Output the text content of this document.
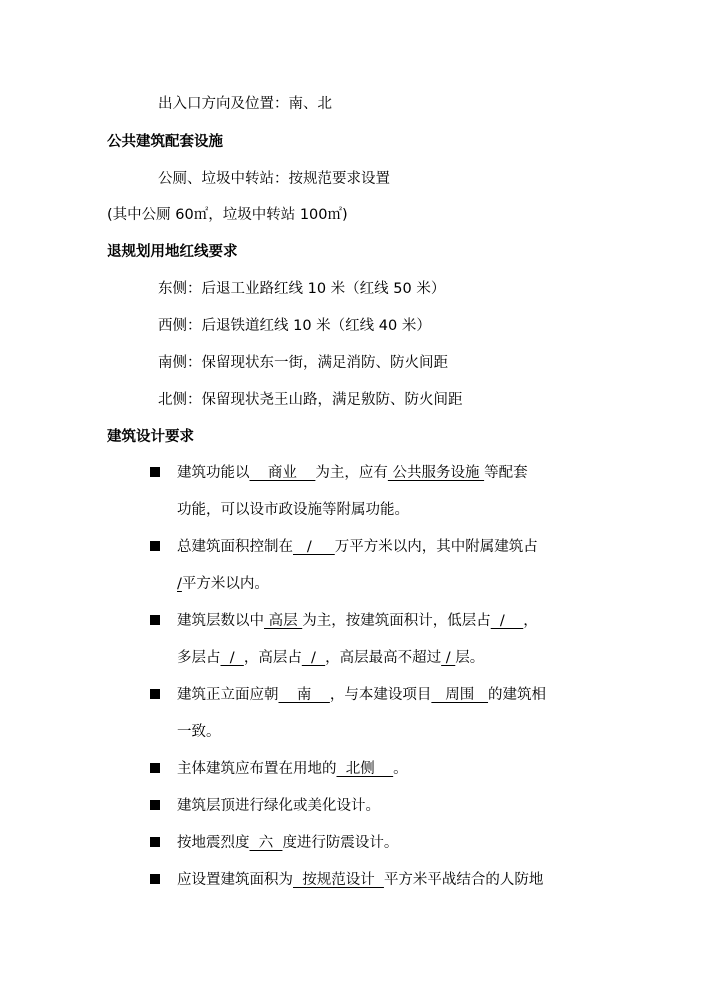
出入口方向及位置：南、北
公共建筑配套设施
公厕、垃圾中转站：按规范要求设置
(其中公厕 60㎡，垃圾中转站 100㎡)
退规划用地红线要求
东侧：后退工业路红线 10 米（红线 50 米）
西侧：后退铁道红线 10 米（红线 40 米）
南侧：保留现状东一街，满足消防、防火间距
北侧：保留现状尧王山路，满足敫防、防火间距
建筑设计要求
建筑功能以    商业    为主，应有 公共服务设施 等配套
功能，可以设市政设施等附属功能。
总建筑面积控制在   /     万平方米以内，其中附属建筑占
/平方米以内。
建筑层数以中 高层 为主，按建筑面积计，低层占  /    ，
多层占  /  ，高层占  /  ，高层最高不超过 / 层。
建筑正立面应朝    南    ，与本建设项目   周围   的建筑相
一致。
主体建筑应布置在用地的  北侧    。
建筑层顶进行绿化或美化设计。
按地震烈度  六  度进行防震设计。
应设置建筑面积为  按规范设计  平方米平战结合的人防地
